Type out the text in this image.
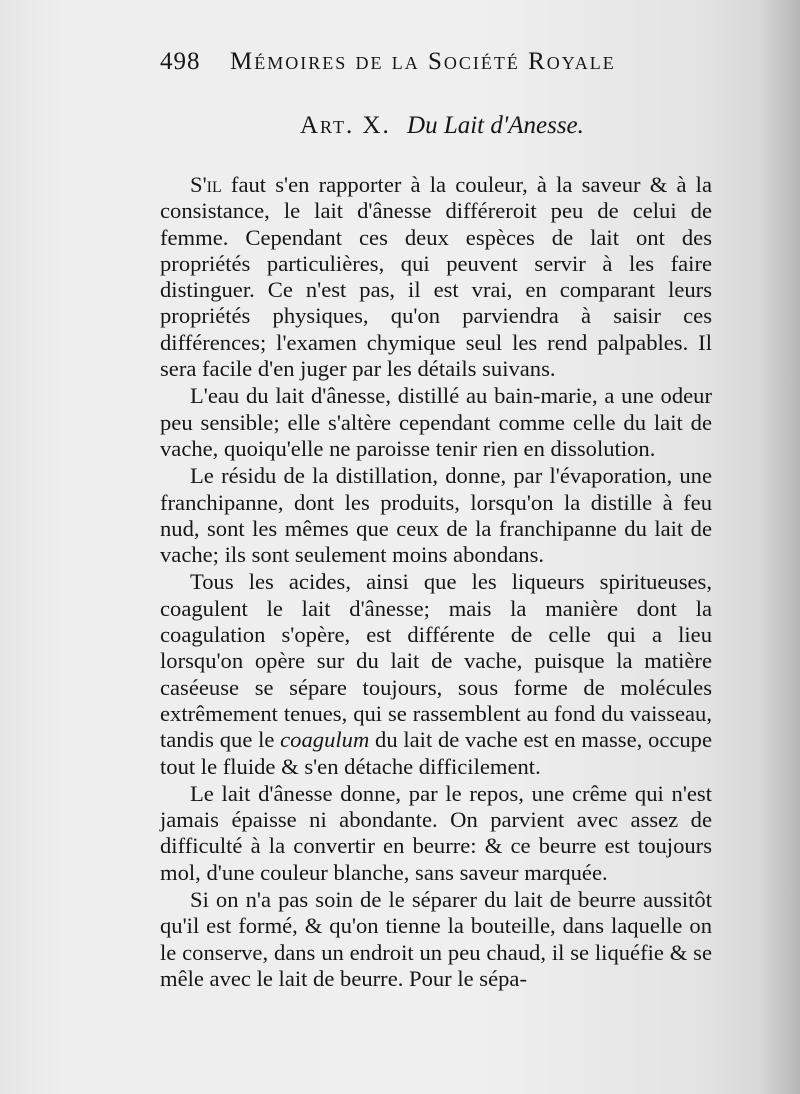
498 Mémoires de la Société Royale
Art. X. Du Lait d'Anesse.

S'il faut s'en rapporter à la couleur, à la saveur & à la consistance, le lait d'ânesse différeroit peu de celui de femme. Cependant ces deux espèces de lait ont des propriétés particulières, qui peuvent servir à les faire distinguer. Ce n'est pas, il est vrai, en comparant leurs propriétés physiques, qu'on parviendra à saisir ces différences; l'examen chymique seul les rend palpables. Il sera facile d'en juger par les détails suivans.

L'eau du lait d'ânesse, distillé au bain-marie, a une odeur peu sensible; elle s'altère cependant comme celle du lait de vache, quoiqu'elle ne paroisse tenir rien en dissolution.

Le résidu de la distillation, donne, par l'évaporation, une franchipanne, dont les produits, lorsqu'on la distille à feu nud, sont les mêmes que ceux de la franchipanne du lait de vache; ils sont seulement moins abondans.

Tous les acides, ainsi que les liqueurs spiritueuses, coagulent le lait d'ânesse; mais la manière dont la coagulation s'opère, est différente de celle qui a lieu lorsqu'on opère sur du lait de vache, puisque la matière caséeuse se sépare toujours, sous forme de molécules extrêmement tenues, qui se rassemblent au fond du vaisseau, tandis que le coagulum du lait de vache est en masse, occupe tout le fluide & s'en détache difficilement.

Le lait d'ânesse donne, par le repos, une crême qui n'est jamais épaisse ni abondante. On parvient avec assez de difficulté à la convertir en beurre: & ce beurre est toujours mol, d'une couleur blanche, sans saveur marquée.

Si on n'a pas soin de le séparer du lait de beurre aussitôt qu'il est formé, & qu'on tienne la bouteille, dans laquelle on le conserve, dans un endroit un peu chaud, il se liquéfie & se mêle avec le lait de beurre. Pour le sépa-
